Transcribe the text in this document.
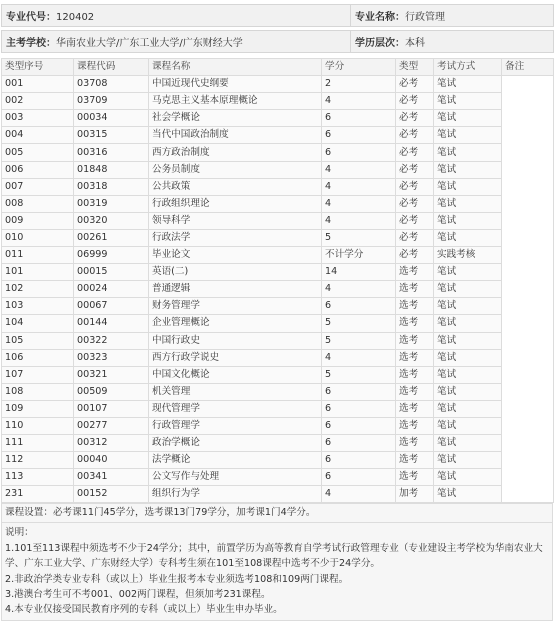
专业代号：120402	专业名称：行政管理

主考学校：华南农业大学/广东工业大学/广东财经大学	学历层次：本科
类型序号	课程代码	课程名称	学分	类型	考试方式	备注
001	03708	中国近现代史纲要	2	必考	笔试	
002	03709	马克思主义基本原理概论	4	必考	笔试	
003	00034	社会学概论	6	必考	笔试	
004	00315	当代中国政治制度	6	必考	笔试	
005	00316	西方政治制度	6	必考	笔试	
006	01848	公务员制度	4	必考	笔试	
007	00318	公共政策	4	必考	笔试	
008	00319	行政组织理论	4	必考	笔试	
009	00320	领导科学	4	必考	笔试	
010	00261	行政法学	5	必考	笔试	
011	06999	毕业论文	不计学分	必考	实践考核	
101	00015	英语(二)	14	选考	笔试	
102	00024	普通逻辑	4	选考	笔试	
103	00067	财务管理学	6	选考	笔试	
104	00144	企业管理概论	5	选考	笔试	
105	00322	中国行政史	5	选考	笔试	
106	00323	西方行政学说史	4	选考	笔试	
107	00321	中国文化概论	5	选考	笔试	
108	00509	机关管理	6	选考	笔试	
109	00107	现代管理学	6	选考	笔试	
110	00277	行政管理学	6	选考	笔试	
111	00312	政治学概论	6	选考	笔试	
112	00040	法学概论	6	选考	笔试	
113	00341	公文写作与处理	6	选考	笔试	
231	00152	组织行为学	4	加考	笔试	
课程设置：必考课11门45学分，选考课13门79学分，加考课1门4学分。
说明：
1.101至113课程中须选考不少于24学分；其中，前置学历为高等教育自学考试行政管理专业（专业建设主考学校为华南农业大学、广东工业大学、广东财经大学）专科考生须在101至108课程中选考不少于24学分。
2.非政治学类专业专科（或以上）毕业生报考本专业须选考108和109两门课程。
3.港澳台考生可不考001、002两门课程，但须加考231课程。
4.本专业仅接受国民教育序列的专科（或以上）毕业生申办毕业。
